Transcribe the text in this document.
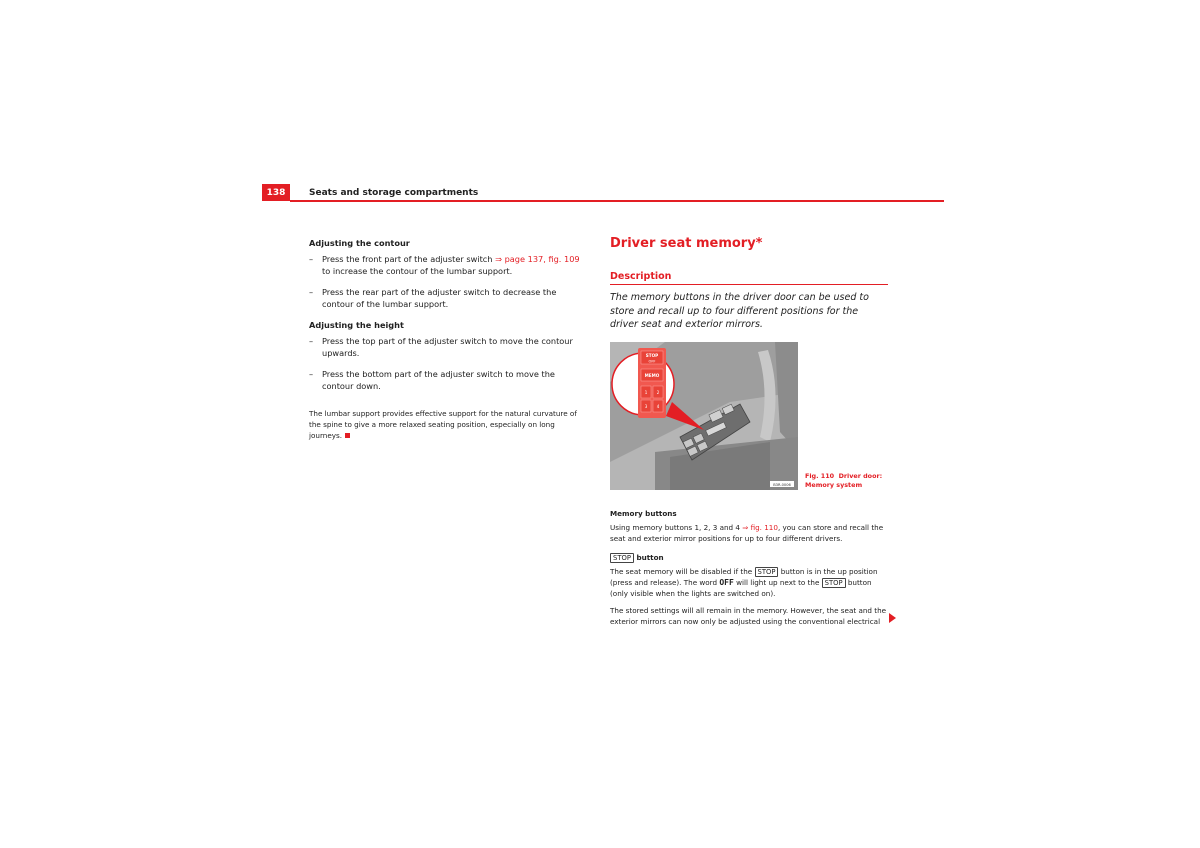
138	Seats and storage compartments
Adjusting the contour
– Press the front part of the adjuster switch ⇒ page 137, fig. 109 to increase the contour of the lumbar support.
– Press the rear part of the adjuster switch to decrease the contour of the lumbar support.
Adjusting the height
– Press the top part of the adjuster switch to move the contour upwards.
– Press the bottom part of the adjuster switch to move the contour down.

The lumbar support provides effective support for the natural curvature of the spine to give a more relaxed seating position, especially on long journeys.

Driver seat memory*
Description
The memory buttons in the driver door can be used to store and recall up to four different positions for the driver seat and exterior mirrors.
STOP
OFF
MEMO
1 2
3 4
B3R-0006
Fig. 110 Driver door:
Memory system

Memory buttons

Using memory buttons 1, 2, 3 and 4 ⇒ fig. 110, you can store and recall the seat and exterior mirror positions for up to four different drivers.

STOP button

The seat memory will be disabled if the STOP button is in the up position (press and release). The word OFF will light up next to the STOP button (only visible when the lights are switched on).

The stored settings will all remain in the memory. However, the seat and the exterior mirrors can now only be adjusted using the conventional electrical
